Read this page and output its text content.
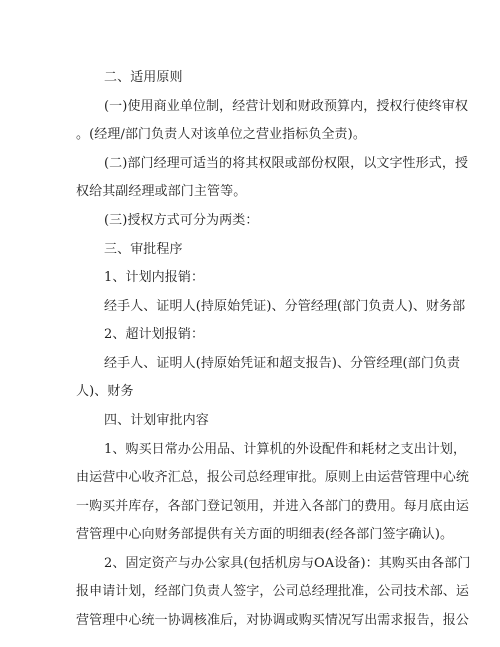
二、适用原则
(一)使用商业单位制，经营计划和财政预算内，授权行使终审权
。(经理/部门负责人对该单位之营业指标负全责)。
(二)部门经理可适当的将其权限或部份权限，以文字性形式，授
权给其副经理或部门主管等。
(三)授权方式可分为两类：
三、审批程序
1、计划内报销：
经手人、证明人(持原始凭证)、分管经理(部门负责人)、财务部
2、超计划报销：
经手人、证明人(持原始凭证和超支报告)、分管经理(部门负责
人)、财务
四、计划审批内容
1、购买日常办公用品、计算机的外设配件和耗材之支出计划，
由运营中心收齐汇总，报公司总经理审批。原则上由运营管理中心统
一购买并库存，各部门登记领用，并进入各部门的费用。每月底由运
营管理中心向财务部提供有关方面的明细表(经各部门签字确认)。
2、固定资产与办公家具(包括机房与OA设备)：其购买由各部门
报申请计划，经部门负责人签字，公司总经理批准，公司技术部、运
营管理中心统一协调核准后，对协调或购买情况写出需求报告，报公
